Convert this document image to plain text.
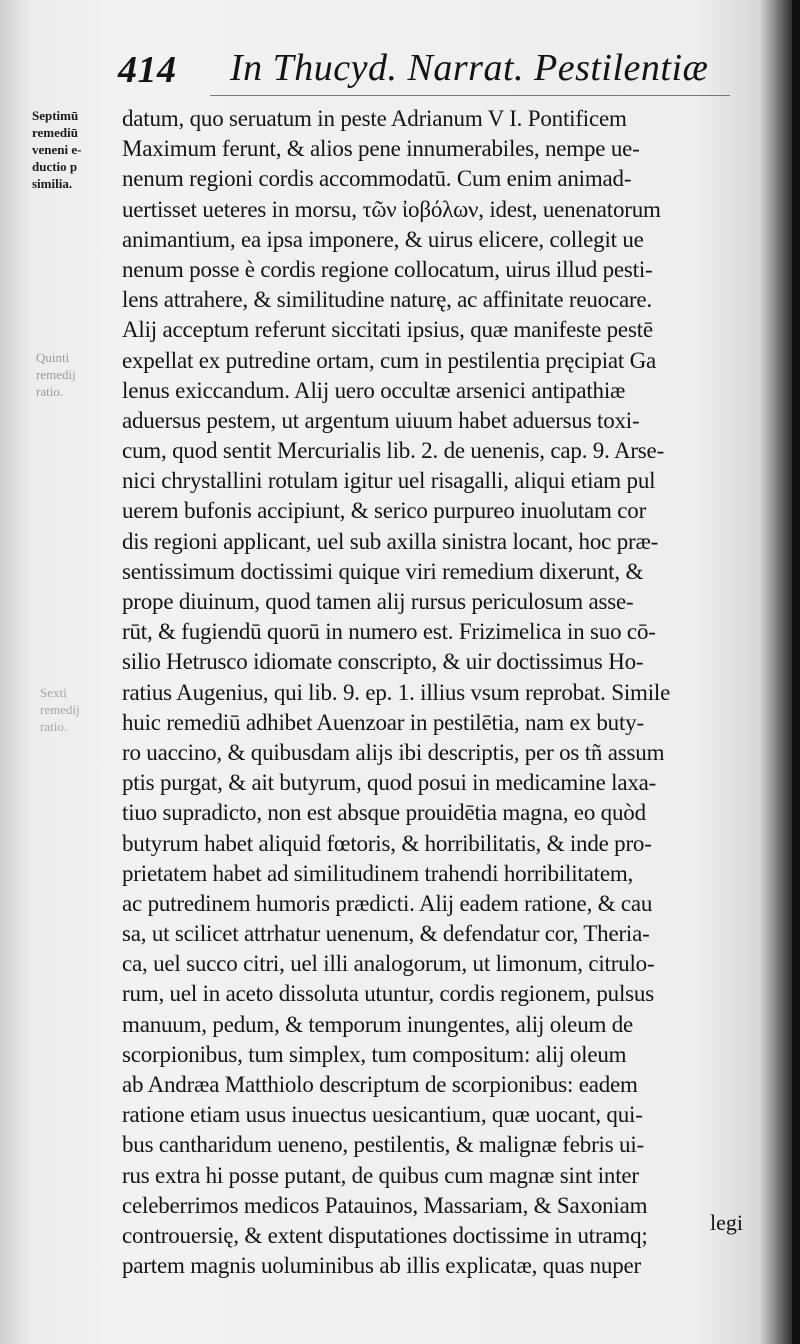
414 In Thucyd. Narrat. Pestilentiæ
Septimū
remediū
veneni e-
ductio p
similia.
Quinti
remedij
ratio.
Sexti
remedij
ratio.
datum, quo seruatum in peste Adrianum V I. Pontificem
Maximum ferunt, & alios pene innumerabiles, nempe ue-
nenum regioni cordis accommodatū. Cum enim animad-
uertisset ueteres in morsu, τῶν ἰοβόλων, idest, uenenatorum
animantium, ea ipsa imponere, & uirus elicere, collegit ue
nenum posse è cordis regione collocatum, uirus illud pesti-
lens attrahere, & similitudine naturę, ac affinitate reuocare.
Alij acceptum referunt siccitati ipsius, quæ manifeste pestē
expellat ex putredine ortam, cum in pestilentia pręcipiat Ga
lenus exiccandum. Alij uero occultæ arsenici antipathiæ
aduersus pestem, ut argentum uiuum habet aduersus toxi-
cum, quod sentit Mercurialis lib. 2. de uenenis, cap. 9. Arse-
nici chrystallini rotulam igitur uel risagalli, aliqui etiam pul
uerem bufonis accipiunt, & serico purpureo inuolutam cor
dis regioni applicant, uel sub axilla sinistra locant, hoc præ-
sentissimum doctissimi quique viri remedium dixerunt, &
prope diuinum, quod tamen alij rursus periculosum asse-
rūt, & fugiendū quorū in numero est. Frizimelica in suo cō-
silio Hetrusco idiomate conscripto, & uir doctissimus Ho-
ratius Augenius, qui lib. 9. ep. 1. illius vsum reprobat. Simile
huic remediū adhibet Auenzoar in pestilētia, nam ex buty-
ro uaccino, & quibusdam alijs ibi descriptis, per os tñ assum
ptis purgat, & ait butyrum, quod posui in medicamine laxa-
tiuo supradicto, non est absque prouidētia magna, eo quòd
butyrum habet aliquid fœtoris, & horribilitatis, & inde pro-
prietatem habet ad similitudinem trahendi horribilitatem,
ac putredinem humoris prædicti. Alij eadem ratione, & cau
sa, ut scilicet attrhatur uenenum, & defendatur cor, Theria-
ca, uel succo citri, uel illi analogorum, ut limonum, citrulo-
rum, uel in aceto dissoluta utuntur, cordis regionem, pulsus
manuum, pedum, & temporum inungentes, alij oleum de
scorpionibus, tum simplex, tum compositum: alij oleum
ab Andræa Matthiolo descriptum de scorpionibus: eadem
ratione etiam usus inuectus uesicantium, quæ uocant, qui-
bus cantharidum ueneno, pestilentis, & malignæ febris ui-
rus extra hi posse putant, de quibus cum magnæ sint inter
celeberrimos medicos Patauinos, Massariam, & Saxoniam
controuersię, & extent disputationes doctissime in utramq;
partem magnis uoluminibus ab illis explicatæ, quas nuper
legi
